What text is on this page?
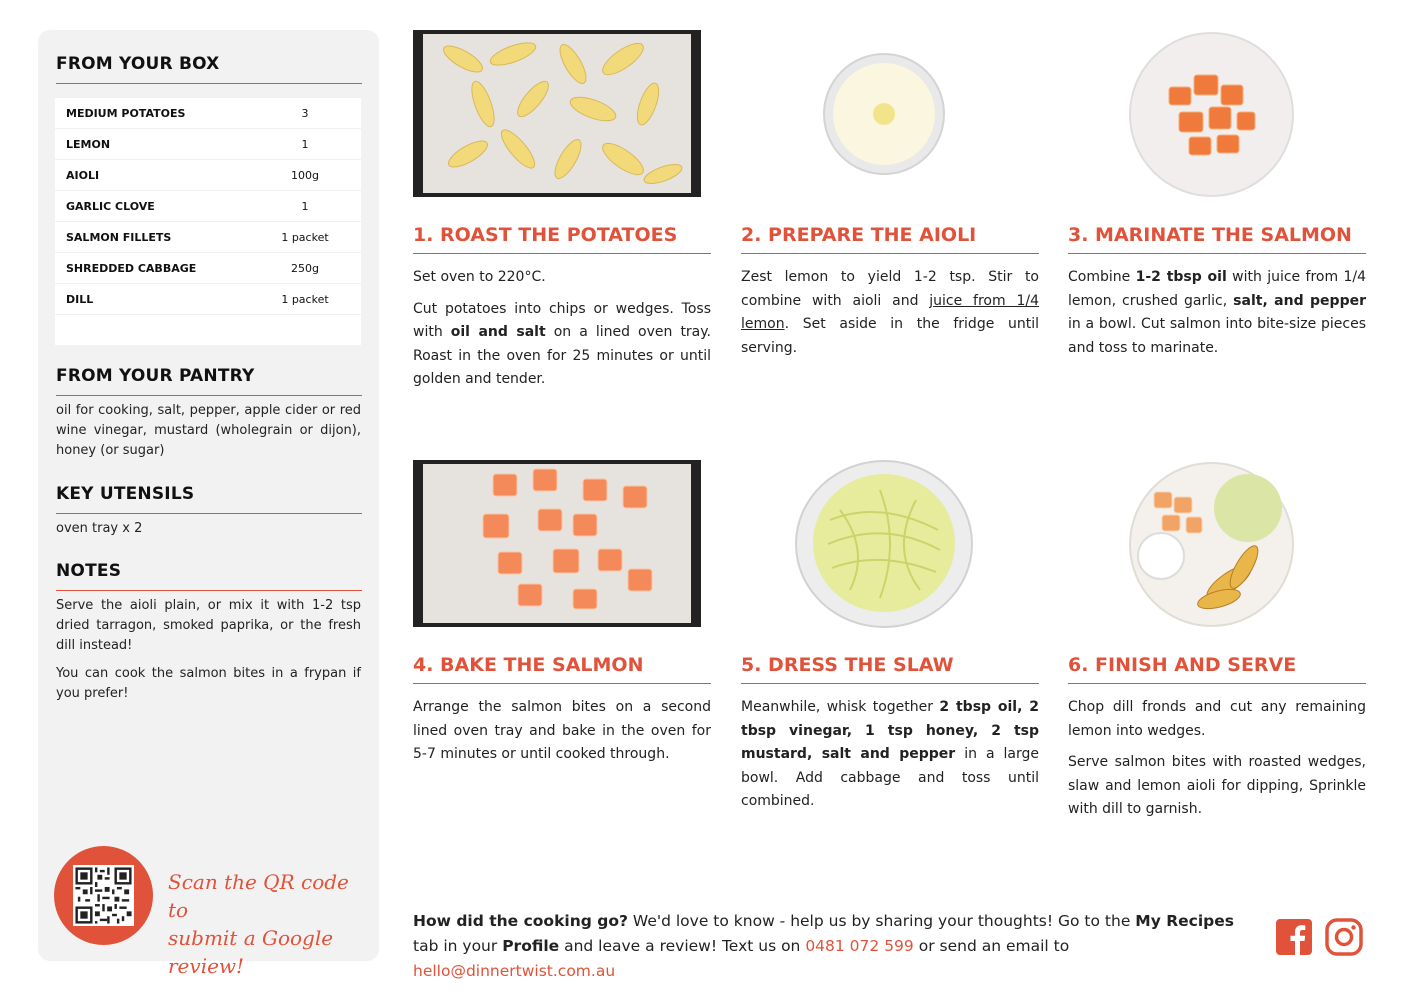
FROM YOUR BOX
MEDIUM POTATOES	3
LEMON	1
AIOLI	100g
GARLIC CLOVE	1
SALMON FILLETS	1 packet
SHREDDED CABBAGE	250g
DILL	1 packet
FROM YOUR PANTRY

oil for cooking, salt, pepper, apple cider or red wine vinegar, mustard (wholegrain or dijon), honey (or sugar)

KEY UTENSILS

oven tray x 2

NOTES

Serve the aioli plain, or mix it with 1-2 tsp dried tarragon, smoked paprika, or the fresh dill instead!

You can cook the salmon bites in a frypan if you prefer!

Scan the QR code to
submit a Google review!
1. ROAST THE POTATOES	2. PREPARE THE AIOLI	3. MARINATE THE SALMON

Set oven to 220°C.

Cut potatoes into chips or wedges. Toss with oil and salt on a lined oven tray. Roast in the oven for 25 minutes or until golden and tender.

Zest lemon to yield 1-2 tsp. Stir to combine with aioli and juice from 1/4 lemon. Set aside in the fridge until serving.

Combine 1-2 tbsp oil with juice from 1/4 lemon, crushed garlic, salt, and pepper in a bowl. Cut salmon into bite-size pieces and toss to marinate.

4. BAKE THE SALMON	5. DRESS THE SLAW	6. FINISH AND SERVE

Arrange the salmon bites on a second lined oven tray and bake in the oven for 5-7 minutes or until cooked through.

Meanwhile, whisk together 2 tbsp oil, 2 tbsp vinegar, 1 tsp honey, 2 tsp mustard, salt and pepper in a large bowl. Add cabbage and toss until combined.

Chop dill fronds and cut any remaining lemon into wedges.

Serve salmon bites with roasted wedges, slaw and lemon aioli for dipping, Sprinkle with dill to garnish.

How did the cooking go? We'd love to know - help us by sharing your thoughts! Go to the My Recipes tab in your Profile and leave a review! Text us on 0481 072 599 or send an email to hello@dinnertwist.com.au
